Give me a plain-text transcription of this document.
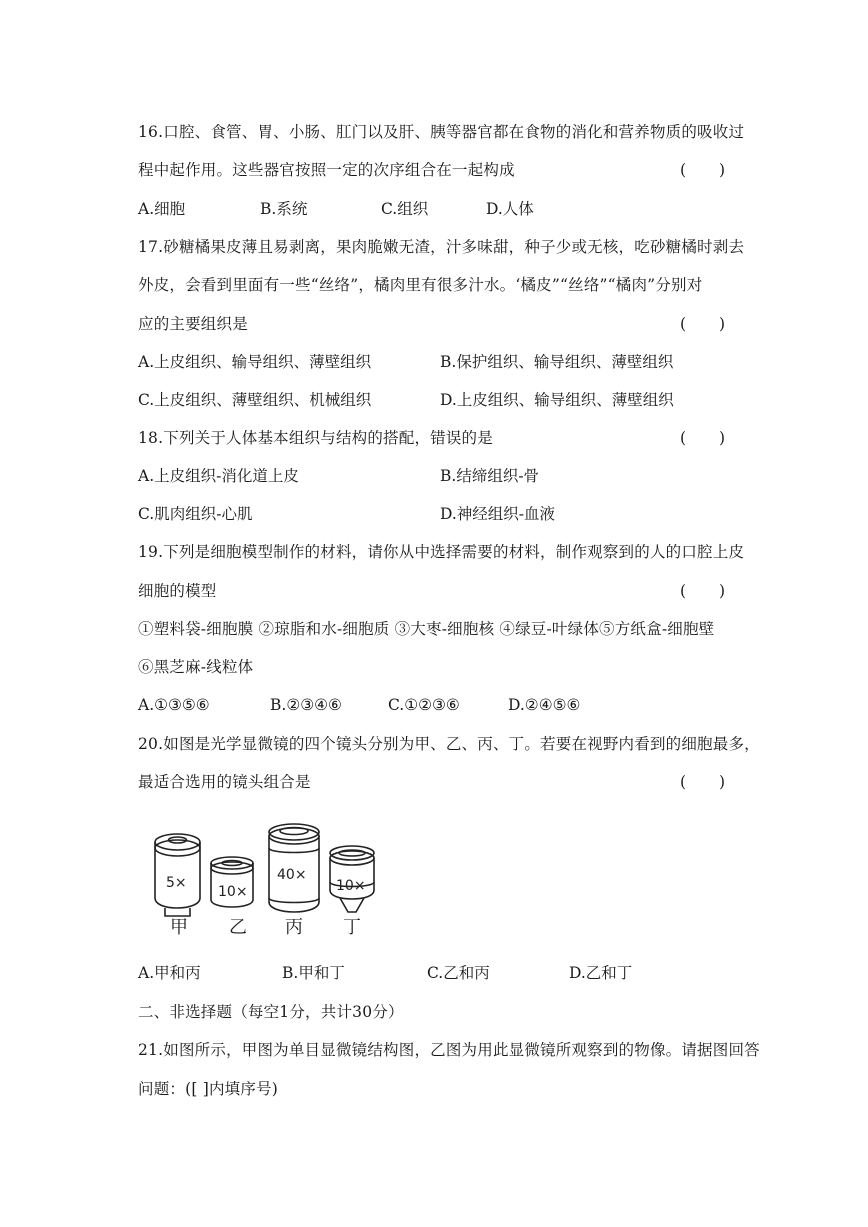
16.口腔、食管、胃、小肠、肛门以及肝、胰等器官都在食物的消化和营养物质的吸收过
程中起作用。这些器官按照一定的次序组合在一起构成	( )
A.细胞	B.系统	C.组织	D.人体
17.砂糖橘果皮薄且易剥离，果肉脆嫩无渣，汁多味甜，种子少或无核，吃砂糖橘时剥去
外皮，会看到里面有一些“丝络”，橘肉里有很多汁水。‘橘皮”“丝络”“橘肉”分别对
应的主要组织是	( )
A.上皮组织、输导组织、薄壁组织	B.保护组织、输导组织、薄壁组织
C.上皮组织、薄壁组织、机械组织	D.上皮组织、输导组织、薄壁组织
18.下列关于人体基本组织与结构的搭配，错误的是	( )
A.上皮组织-消化道上皮	B.结缔组织-骨
C.肌肉组织-心肌	D.神经组织-血液
19.下列是细胞模型制作的材料，请你从中选择需要的材料，制作观察到的人的口腔上皮
细胞的模型	( )
①塑料袋-细胞膜 ②琼脂和水-细胞质 ③大枣-细胞核 ④绿豆-叶绿体⑤方纸盒-细胞壁
⑥黑芝麻-线粒体
A.①③⑤⑥	B.②③④⑥	C.①②③⑥	D.②④⑤⑥
20.如图是光学显微镜的四个镜头分别为甲、乙、丙、丁。若要在视野内看到的细胞最多，
最适合选用的镜头组合是	( )
5×
10×
40×
10×
甲 乙 丙 丁
A.甲和丙	B.甲和丁	C.乙和丙	D.乙和丁
二、非选择题（每空1分，共计30分）
21.如图所示，甲图为单目显微镜结构图，乙图为用此显微镜所观察到的物像。请据图回答
问题：([ ]内填序号)
